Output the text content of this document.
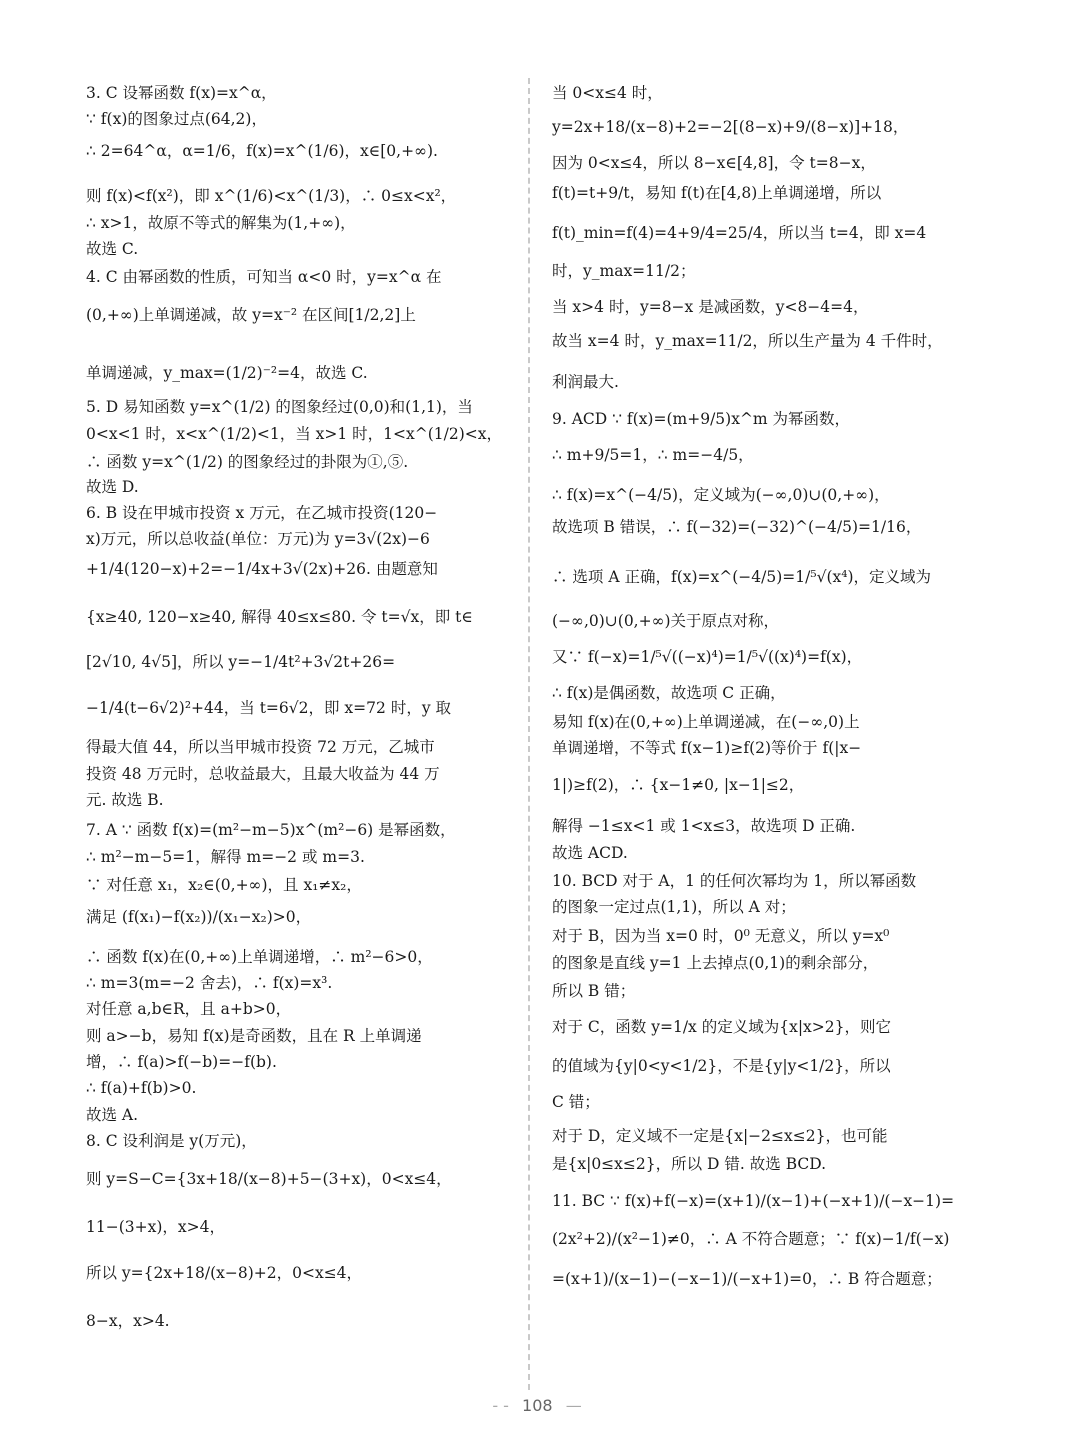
3. C 设幂函数 f(x)=x^α，
∵ f(x)的图象过点(64,2)，
∴ 2=64^α，α=1/6，f(x)=x^(1/6)，x∈[0,+∞).
则 f(x)<f(x²)，即 x^(1/6)<x^(1/3)，∴ 0≤x<x²，
∴ x>1，故原不等式的解集为(1,+∞)，
故选 C.
4. C 由幂函数的性质，可知当 α<0 时，y=x^α 在
(0,+∞)上单调递减，故 y=x⁻² 在区间[1/2,2]上
单调递减，y_max=(1/2)⁻²=4，故选 C.
5. D 易知函数 y=x^(1/2) 的图象经过(0,0)和(1,1)，当
0<x<1 时，x<x^(1/2)<1，当 x>1 时，1<x^(1/2)<x，
∴ 函数 y=x^(1/2) 的图象经过的卦限为①,⑤.
故选 D.
6. B 设在甲城市投资 x 万元，在乙城市投资(120−
x)万元，所以总收益(单位：万元)为 y=3√(2x)−6
+1/4(120−x)+2=−1/4x+3√(2x)+26. 由题意知
{x≥40, 120−x≥40, 解得 40≤x≤80. 令 t=√x，即 t∈
[2√10, 4√5]，所以 y=−1/4t²+3√2t+26=
−1/4(t−6√2)²+44，当 t=6√2，即 x=72 时，y 取
得最大值 44，所以当甲城市投资 72 万元，乙城市
投资 48 万元时，总收益最大，且最大收益为 44 万
元. 故选 B.
7. A ∵ 函数 f(x)=(m²−m−5)x^(m²−6) 是幂函数，
∴ m²−m−5=1，解得 m=−2 或 m=3.
∵ 对任意 x₁，x₂∈(0,+∞)，且 x₁≠x₂，
满足 (f(x₁)−f(x₂))/(x₁−x₂)>0，
∴ 函数 f(x)在(0,+∞)上单调递增，∴ m²−6>0，
∴ m=3(m=−2 舍去)，∴ f(x)=x³.
对任意 a,b∈R，且 a+b>0，
则 a>−b，易知 f(x)是奇函数，且在 R 上单调递
增，∴ f(a)>f(−b)=−f(b).
∴ f(a)+f(b)>0.
故选 A.
8. C 设利润是 y(万元)，
则 y=S−C={3x+18/(x−8)+5−(3+x)，0<x≤4，
11−(3+x)，x>4，
所以 y={2x+18/(x−8)+2，0<x≤4，
8−x，x>4.
当 0<x≤4 时，
y=2x+18/(x−8)+2=−2[(8−x)+9/(8−x)]+18，
因为 0<x≤4，所以 8−x∈[4,8]，令 t=8−x，
f(t)=t+9/t，易知 f(t)在[4,8)上单调递增，所以
f(t)_min=f(4)=4+9/4=25/4，所以当 t=4，即 x=4
时，y_max=11/2；
当 x>4 时，y=8−x 是减函数，y<8−4=4，
故当 x=4 时，y_max=11/2，所以生产量为 4 千件时，
利润最大.
9. ACD ∵ f(x)=(m+9/5)x^m 为幂函数，
∴ m+9/5=1，∴ m=−4/5，
∴ f(x)=x^(−4/5)，定义域为(−∞,0)∪(0,+∞)，
故选项 B 错误，∴ f(−32)=(−32)^(−4/5)=1/16，
∴ 选项 A 正确，f(x)=x^(−4/5)=1/⁵√(x⁴)，定义域为
(−∞,0)∪(0,+∞)关于原点对称，
又∵ f(−x)=1/⁵√((−x)⁴)=1/⁵√((x)⁴)=f(x)，
∴ f(x)是偶函数，故选项 C 正确，
易知 f(x)在(0,+∞)上单调递减，在(−∞,0)上
单调递增，不等式 f(x−1)≥f(2)等价于 f(|x−
1|)≥f(2)，∴ {x−1≠0, |x−1|≤2，
解得 −1≤x<1 或 1<x≤3，故选项 D 正确.
故选 ACD.
10. BCD 对于 A，1 的任何次幂均为 1，所以幂函数
的图象一定过点(1,1)，所以 A 对；
对于 B，因为当 x=0 时，0⁰ 无意义，所以 y=x⁰
的图象是直线 y=1 上去掉点(0,1)的剩余部分，
所以 B 错；
对于 C，函数 y=1/x 的定义域为{x|x>2}，则它
的值域为{y|0<y<1/2}，不是{y|y<1/2}，所以
C 错；
对于 D，定义域不一定是{x|−2≤x≤2}，也可能
是{x|0≤x≤2}，所以 D 错. 故选 BCD.
11. BC ∵ f(x)+f(−x)=(x+1)/(x−1)+(−x+1)/(−x−1)=
(2x²+2)/(x²−1)≠0，∴ A 不符合题意；∵ f(x)−1/f(−x)
=(x+1)/(x−1)−(−x−1)/(−x+1)=0，∴ B 符合题意；
‐ ‐ 108 —
